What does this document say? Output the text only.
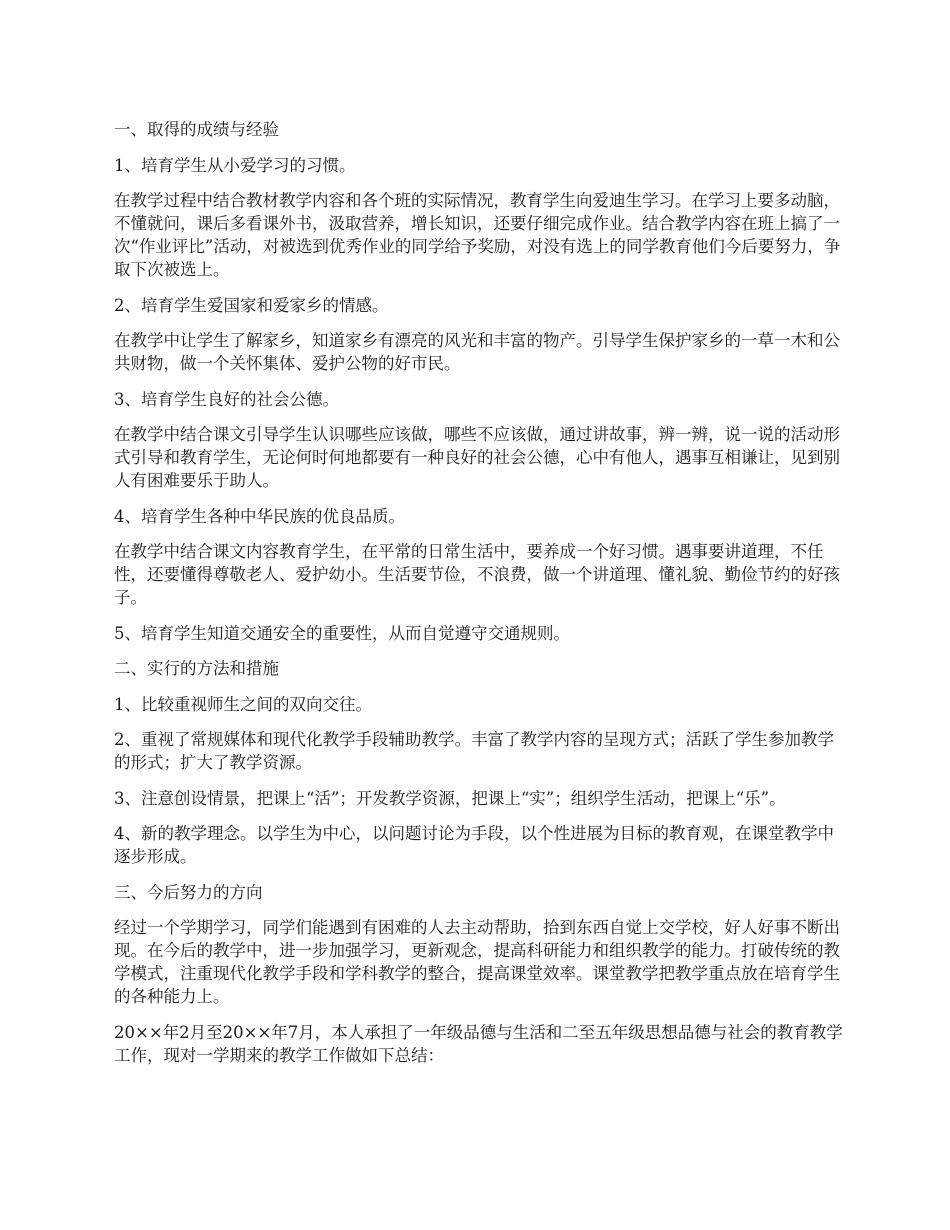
一、取得的成绩与经验

1、培育学生从小爱学习的习惯。

在教学过程中结合教材教学内容和各个班的实际情况，教育学生向爱迪生学习。在学习上要多动脑，不懂就问，课后多看课外书，汲取营养，增长知识，还要仔细完成作业。结合教学内容在班上搞了一次“作业评比”活动，对被选到优秀作业的同学给予奖励，对没有选上的同学教育他们今后要努力，争取下次被选上。

2、培育学生爱国家和爱家乡的情感。

在教学中让学生了解家乡，知道家乡有漂亮的风光和丰富的物产。引导学生保护家乡的一草一木和公共财物，做一个关怀集体、爱护公物的好市民。

3、培育学生良好的社会公德。

在教学中结合课文引导学生认识哪些应该做，哪些不应该做，通过讲故事，辨一辨，说一说的活动形式引导和教育学生，无论何时何地都要有一种良好的社会公德，心中有他人，遇事互相谦让，见到别人有困难要乐于助人。

4、培育学生各种中华民族的优良品质。

在教学中结合课文内容教育学生，在平常的日常生活中，要养成一个好习惯。遇事要讲道理，不任性，还要懂得尊敬老人、爱护幼小。生活要节俭，不浪费，做一个讲道理、懂礼貌、勤俭节约的好孩子。

5、培育学生知道交通安全的重要性，从而自觉遵守交通规则。

二、实行的方法和措施

1、比较重视师生之间的双向交往。

2、重视了常规媒体和现代化教学手段辅助教学。丰富了教学内容的呈现方式；活跃了学生参加教学的形式；扩大了教学资源。

3、注意创设情景，把课上“活”；开发教学资源，把课上“实”；组织学生活动，把课上“乐”。

4、新的教学理念。以学生为中心，以问题讨论为手段，以个性进展为目标的教育观，在课堂教学中逐步形成。

三、今后努力的方向

经过一个学期学习，同学们能遇到有困难的人去主动帮助，拾到东西自觉上交学校，好人好事不断出现。在今后的教学中，进一步加强学习，更新观念，提高科研能力和组织教学的能力。打破传统的教学模式，注重现代化教学手段和学科教学的整合，提高课堂效率。课堂教学把教学重点放在培育学生的各种能力上。

20××年2月至20××年7月，本人承担了一年级品德与生活和二至五年级思想品德与社会的教育教学工作，现对一学期来的教学工作做如下总结：
